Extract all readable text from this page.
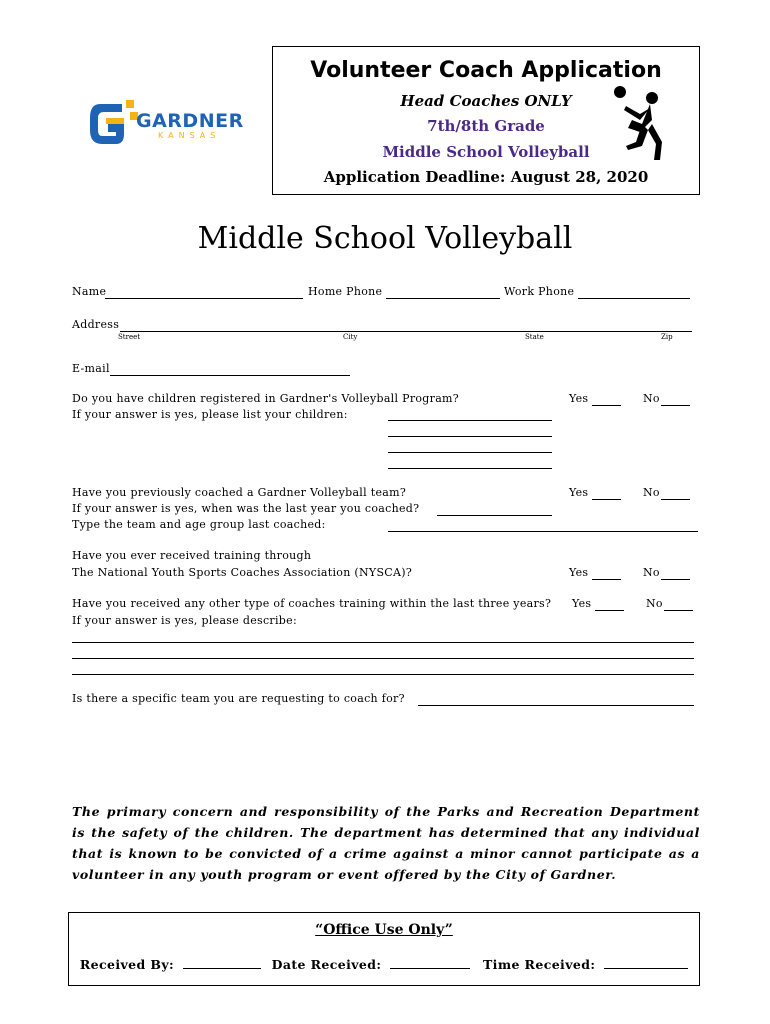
GARDNER
KANSAS
Volunteer Coach Application
Head Coaches ONLY
7th/8th Grade
Middle School Volleyball
Application Deadline: August 28, 2020
Middle School Volleyball
Name	Home Phone	Work Phone
Address
Street	City	State	Zip
E-mail
Do you have children registered in Gardner's Volleyball Program?	Yes	No
If your answer is yes, please list your children:
Have you previously coached a Gardner Volleyball team?	Yes	No
If your answer is yes, when was the last year you coached?
Type the team and age group last coached:
Have you ever received training through
The National Youth Sports Coaches Association (NYSCA)?	Yes	No
Have you received any other type of coaches training within the last three years? Yes	No
If your answer is yes, please describe:
Is there a specific team you are requesting to coach for?
The primary concern and responsibility of the Parks and Recreation Department is the safety of the children. The department has determined that any individual that is known to be convicted of a crime against a minor cannot participate as a volunteer in any youth program or event offered by the City of Gardner.
“Office Use Only”
Received By:	Date Received:	Time Received:
